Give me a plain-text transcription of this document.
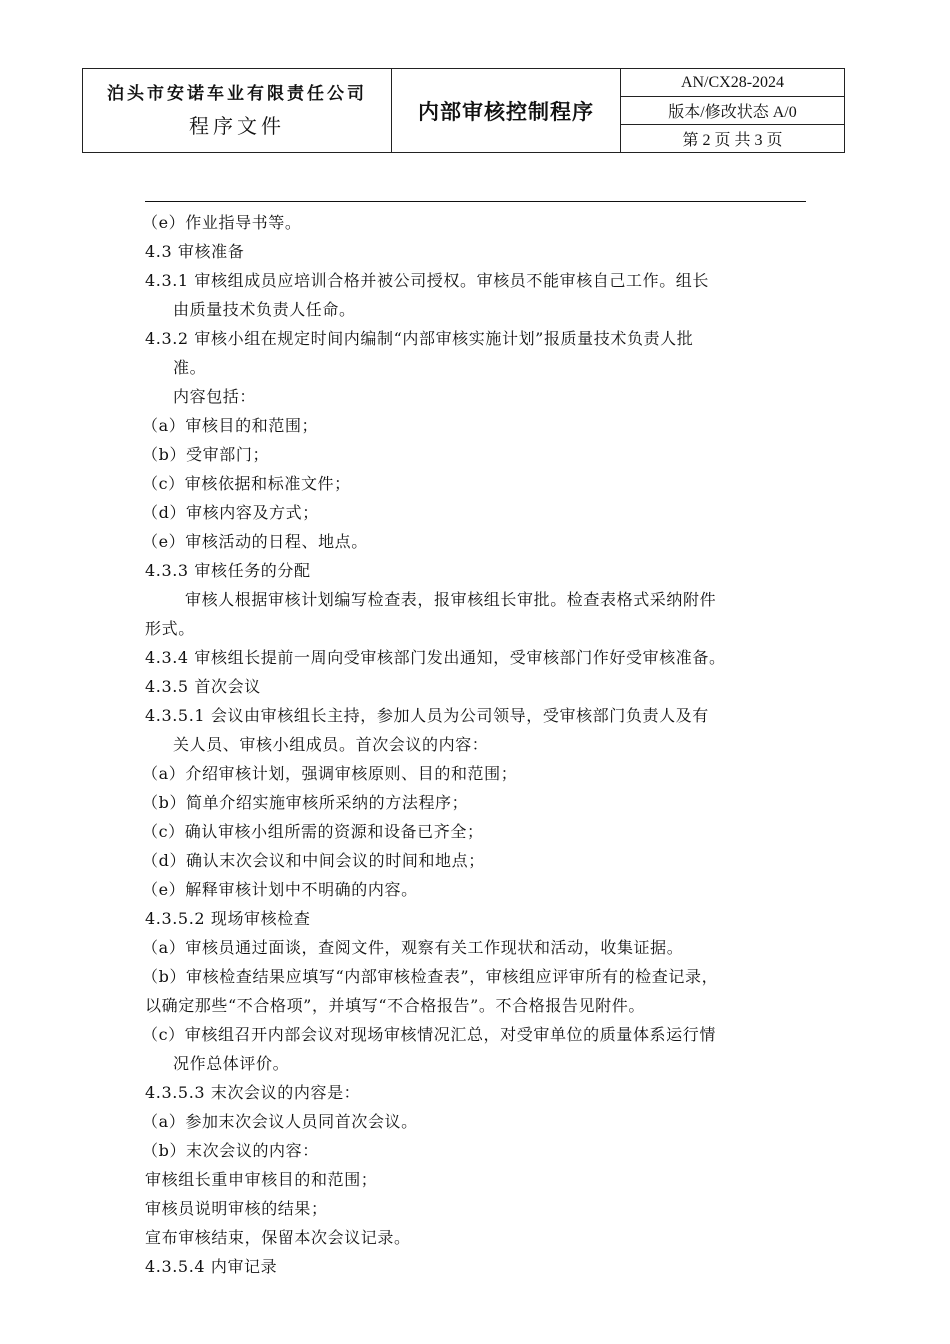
泊头市安诺车业有限责任公司
程序文件

内部审核控制程序
	AN/CX28-2024
版本/修改状态 A/0
第 2 页 共 3 页
（e）作业指导书等。
4.3 审核准备
4.3.1 审核组成员应培训合格并被公司授权。审核员不能审核自己工作。组长
由质量技术负责人任命。
4.3.2 审核小组在规定时间内编制“内部审核实施计划”报质量技术负责人批
准。
内容包括：
（a）审核目的和范围；
（b）受审部门；
（c）审核依据和标准文件；
（d）审核内容及方式；
（e）审核活动的日程、地点。
4.3.3 审核任务的分配
审核人根据审核计划编写检查表，报审核组长审批。检查表格式采纳附件
形式。
4.3.4 审核组长提前一周向受审核部门发出通知，受审核部门作好受审核准备。
4.3.5 首次会议
4.3.5.1 会议由审核组长主持，参加人员为公司领导，受审核部门负责人及有
关人员、审核小组成员。首次会议的内容：
（a）介绍审核计划，强调审核原则、目的和范围；
（b）简单介绍实施审核所采纳的方法程序；
（c）确认审核小组所需的资源和设备已齐全；
（d）确认末次会议和中间会议的时间和地点；
（e）解释审核计划中不明确的内容。
4.3.5.2 现场审核检查
（a）审核员通过面谈，查阅文件，观察有关工作现状和活动，收集证据。
（b）审核检查结果应填写“内部审核检查表”，审核组应评审所有的检查记录，
以确定那些“不合格项”，并填写“不合格报告”。不合格报告见附件。
（c）审核组召开内部会议对现场审核情况汇总，对受审单位的质量体系运行情
况作总体评价。
4.3.5.3 末次会议的内容是：
（a）参加末次会议人员同首次会议。
（b）末次会议的内容：
审核组长重申审核目的和范围；
审核员说明审核的结果；
宣布审核结束，保留本次会议记录。
4.3.5.4 内审记录
